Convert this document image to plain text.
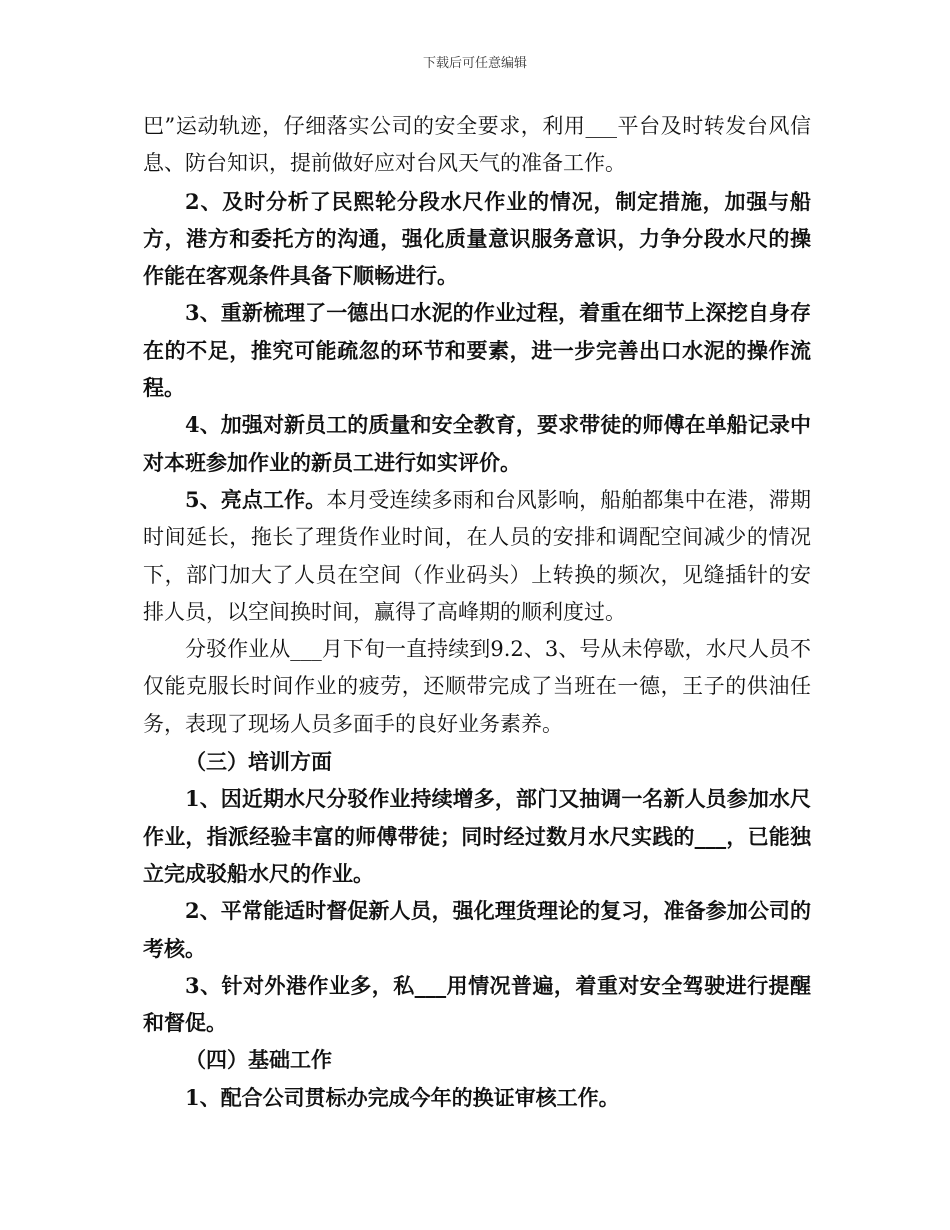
下载后可任意编辑

巴”运动轨迹，仔细落实公司的安全要求，利用___平台及时转发台风信息、防台知识，提前做好应对台风天气的准备工作。

2、及时分析了民熙轮分段水尺作业的情况，制定措施，加强与船方，港方和委托方的沟通，强化质量意识服务意识，力争分段水尺的操作能在客观条件具备下顺畅进行。

3、重新梳理了一德出口水泥的作业过程，着重在细节上深挖自身存在的不足，推究可能疏忽的环节和要素，进一步完善出口水泥的操作流程。

4、加强对新员工的质量和安全教育，要求带徒的师傅在单船记录中对本班参加作业的新员工进行如实评价。

5、亮点工作。本月受连续多雨和台风影响，船舶都集中在港，滞期时间延长，拖长了理货作业时间，在人员的安排和调配空间减少的情况下，部门加大了人员在空间（作业码头）上转换的频次，见缝插针的安排人员，以空间换时间，赢得了高峰期的顺利度过。

分驳作业从___月下旬一直持续到9.2、3、号从未停歇，水尺人员不仅能克服长时间作业的疲劳，还顺带完成了当班在一德，王子的供油任务，表现了现场人员多面手的良好业务素养。

（三）培训方面

1、因近期水尺分驳作业持续增多，部门又抽调一名新人员参加水尺作业，指派经验丰富的师傅带徒；同时经过数月水尺实践的___，已能独立完成驳船水尺的作业。

2、平常能适时督促新人员，强化理货理论的复习，准备参加公司的考核。

3、针对外港作业多，私___用情况普遍，着重对安全驾驶进行提醒和督促。

（四）基础工作

1、配合公司贯标办完成今年的换证审核工作。
